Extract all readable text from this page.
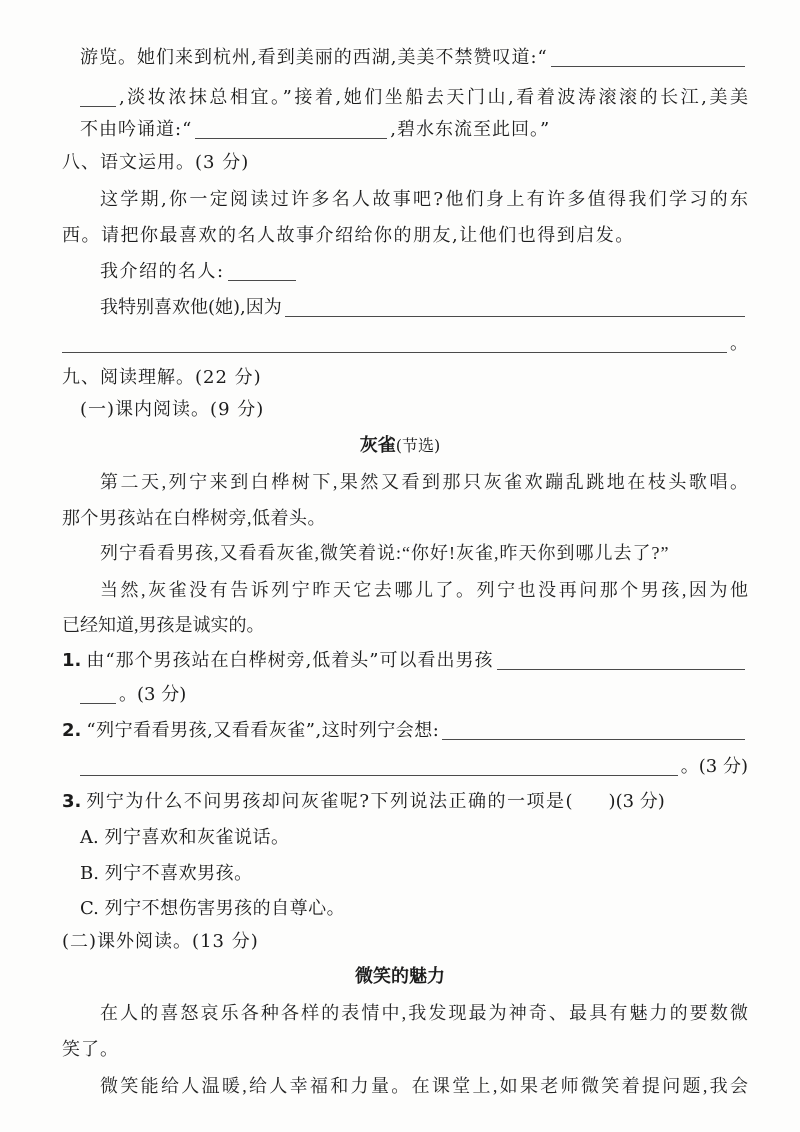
游览。她们来到杭州,看到美丽的西湖,美美不禁赞叹道:“
,淡妆浓抹总相宜。”接着,她们坐船去天门山,看着波涛滚滚的长江,美美
不由吟诵道:“	,碧水东流至此回。”
八、语文运用。(3 分)
这学期,你一定阅读过许多名人故事吧?他们身上有许多值得我们学习的东
西。请把你最喜欢的名人故事介绍给你的朋友,让他们也得到启发。
我介绍的名人:
我特别喜欢他(她),因为
。
九、阅读理解。(22 分)
(一)课内阅读。(9 分)
灰雀(节选)
第二天,列宁来到白桦树下,果然又看到那只灰雀欢蹦乱跳地在枝头歌唱。
那个男孩站在白桦树旁,低着头。
列宁看看男孩,又看看灰雀,微笑着说:“你好!灰雀,昨天你到哪儿去了?”
当然,灰雀没有告诉列宁昨天它去哪儿了。列宁也没再问那个男孩,因为他
已经知道,男孩是诚实的。
1. 由“那个男孩站在白桦树旁,低着头”可以看出男孩
。(3 分)
2. “列宁看看男孩,又看看灰雀”,这时列宁会想:
。(3 分)
3. 列宁为什么不问男孩却问灰雀呢?下列说法正确的一项是 (　　) (3 分)
A. 列宁喜欢和灰雀说话。
B. 列宁不喜欢男孩。
C. 列宁不想伤害男孩的自尊心。
(二)课外阅读。(13 分)
微笑的魅力
在人的喜怒哀乐各种各样的表情中,我发现最为神奇、最具有魅力的要数微
笑了。
微笑能给人温暖,给人幸福和力量。在课堂上,如果老师微笑着提问题,我会
